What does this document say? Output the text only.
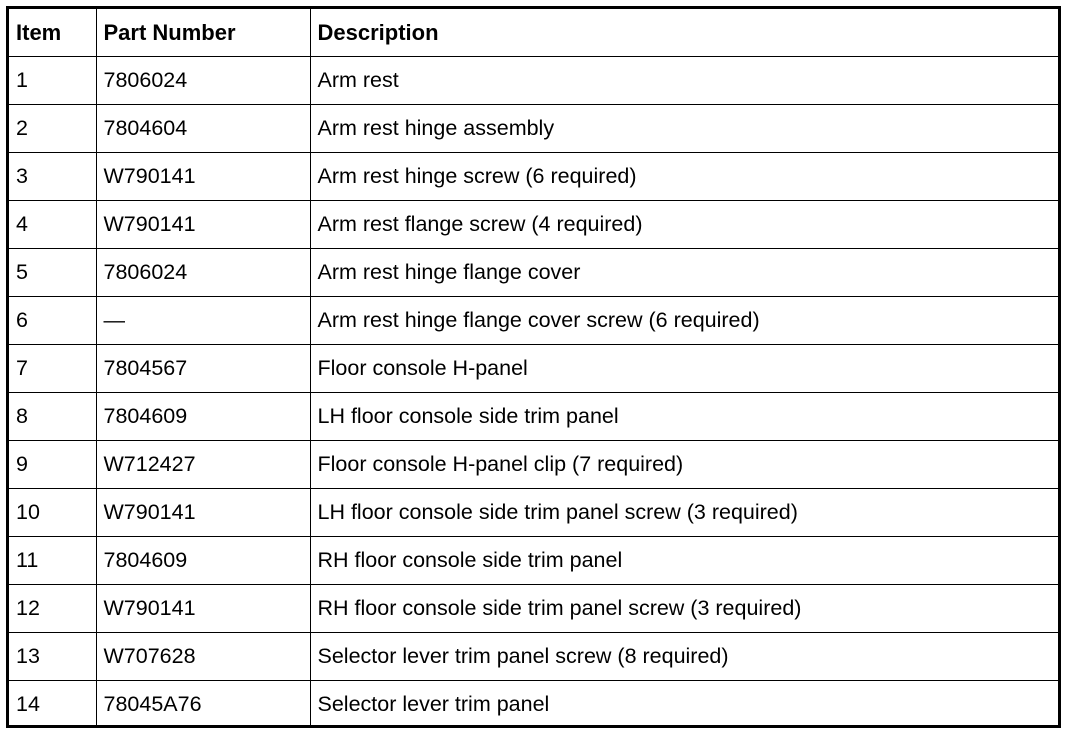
Item	Part Number	Description
1	7806024	Arm rest
2	7804604	Arm rest hinge assembly
3	W790141	Arm rest hinge screw (6 required)
4	W790141	Arm rest flange screw (4 required)
5	7806024	Arm rest hinge flange cover
6	—	Arm rest hinge flange cover screw (6 required)
7	7804567	Floor console H-panel
8	7804609	LH floor console side trim panel
9	W712427	Floor console H-panel clip (7 required)
10	W790141	LH floor console side trim panel screw (3 required)
11	7804609	RH floor console side trim panel
12	W790141	RH floor console side trim panel screw (3 required)
13	W707628	Selector lever trim panel screw (8 required)
14	78045A76	Selector lever trim panel
